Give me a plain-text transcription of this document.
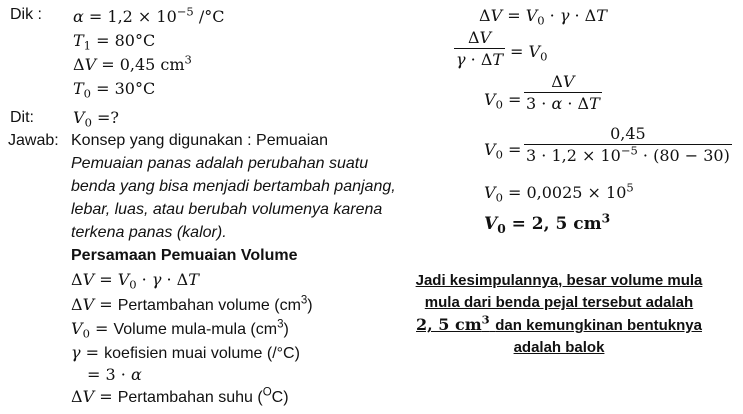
Dik : $\alpha = 1,2 \times 10^{-5}$ /°C
$T_1 = 80^\circ C$
ΔV = 0,45 $cm^3$
$T_0 = 30^\circ C$
Dit: $V_0$ =?
Jawab: Konsep yang digunakan : Pemuaian
Pemuaian panas adalah perubahan suatu
benda yang bisa menjadi bertambah panjang,
lebar, luas, atau berubah volumenya karena
terkena panas (kalor).
Persamaan Pemuaian Volume
$\Delta V = V_0 \cdot \gamma \cdot \Delta T$
ΔV = Pertambahan volume $(cm^3)$
$V_0$ = Volume mula-mula $(cm^3)$
γ = koefisien muai volume (/°C)
= 3 · α
ΔV = Pertambahan suhu ($^O$C)
$\Delta V = V_0 \cdot \gamma \cdot \Delta T$
$\frac{\Delta V}{\gamma \cdot \Delta T} = V_0$
$V_0 = \frac{\Delta V}{3 \cdot \alpha \cdot \Delta T}$
$V_0 = \frac{0,45}{3 \cdot 1,2 \times 10^{-5} \cdot (80 - 30)}$
$V_0 = 0,0025 \times 10^5$
$V_0 = 2$, 5 $cm^3$
Jadi kesimpulannya, besar volume mula
mula dari benda pejal tersebut adalah
2, 5 $cm^3$ dan kemungkinan bentuknya
adalah balok
